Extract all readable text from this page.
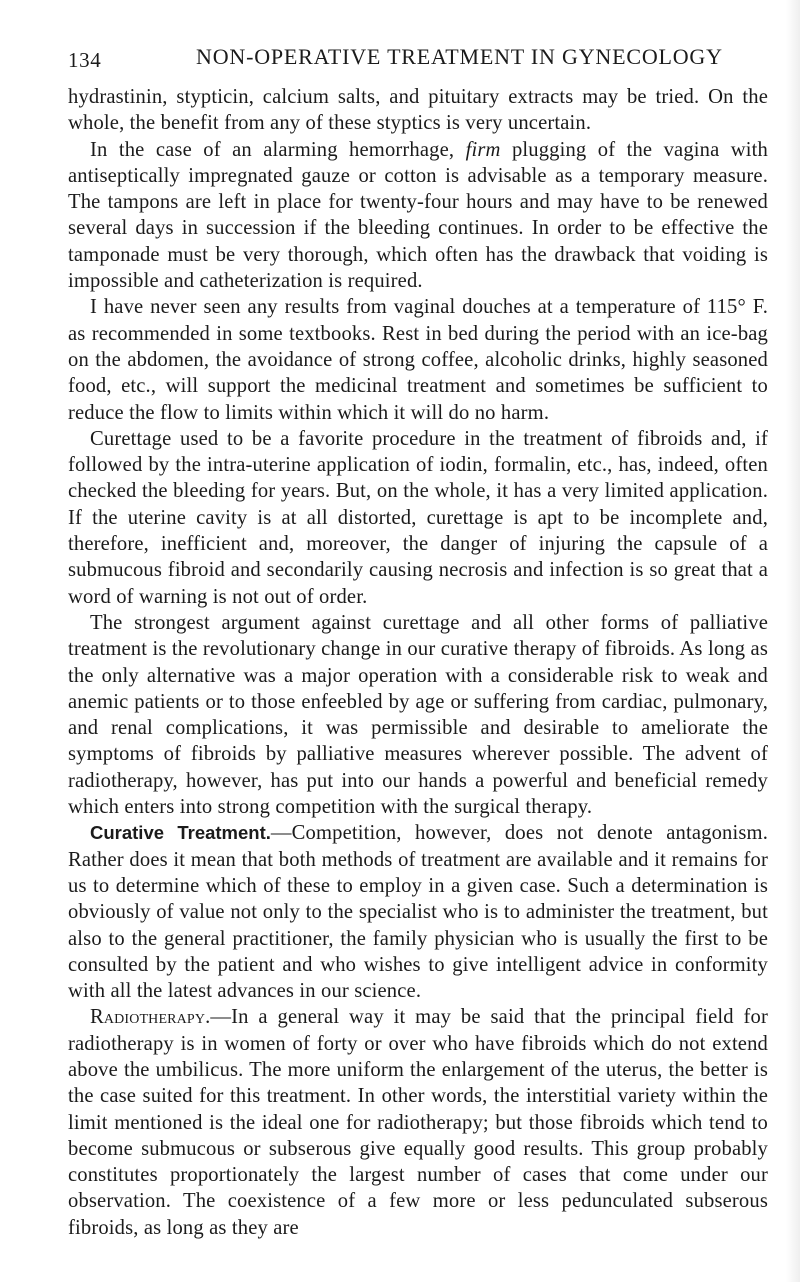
134	NON-OPERATIVE TREATMENT IN GYNECOLOGY

hydrastinin, stypticin, calcium salts, and pituitary extracts may be tried. On the whole, the benefit from any of these styptics is very uncertain.

In the case of an alarming hemorrhage, firm plugging of the vagina with antiseptically impregnated gauze or cotton is advisable as a temporary measure. The tampons are left in place for twenty-four hours and may have to be renewed several days in succession if the bleeding continues. In order to be effective the tamponade must be very thorough, which often has the drawback that voiding is impossible and catheterization is required.

I have never seen any results from vaginal douches at a temperature of 115° F. as recommended in some textbooks. Rest in bed during the period with an ice-bag on the abdomen, the avoidance of strong coffee, alcoholic drinks, highly seasoned food, etc., will support the medicinal treatment and sometimes be sufficient to reduce the flow to limits within which it will do no harm.

Curettage used to be a favorite procedure in the treatment of fibroids and, if followed by the intra-uterine application of iodin, formalin, etc., has, indeed, often checked the bleeding for years. But, on the whole, it has a very limited application. If the uterine cavity is at all distorted, curettage is apt to be incomplete and, therefore, inefficient and, moreover, the danger of injuring the capsule of a submucous fibroid and secondarily causing necrosis and infection is so great that a word of warning is not out of order.

The strongest argument against curettage and all other forms of palliative treatment is the revolutionary change in our curative therapy of fibroids. As long as the only alternative was a major operation with a considerable risk to weak and anemic patients or to those enfeebled by age or suffering from cardiac, pulmonary, and renal complications, it was permissible and desirable to ameliorate the symptoms of fibroids by palliative measures wherever possible. The advent of radiotherapy, however, has put into our hands a powerful and beneficial remedy which enters into strong competition with the surgical therapy.

Curative Treatment.—Competition, however, does not denote antagonism. Rather does it mean that both methods of treatment are available and it remains for us to determine which of these to employ in a given case. Such a determination is obviously of value not only to the specialist who is to administer the treatment, but also to the general practitioner, the family physician who is usually the first to be consulted by the patient and who wishes to give intelligent advice in conformity with all the latest advances in our science.

Radiotherapy.—In a general way it may be said that the principal field for radiotherapy is in women of forty or over who have fibroids which do not extend above the umbilicus. The more uniform the enlargement of the uterus, the better is the case suited for this treatment. In other words, the interstitial variety within the limit mentioned is the ideal one for radiotherapy; but those fibroids which tend to become submucous or subserous give equally good results. This group probably constitutes proportionately the largest number of cases that come under our observation. The coexistence of a few more or less pedunculated subserous fibroids, as long as they are
